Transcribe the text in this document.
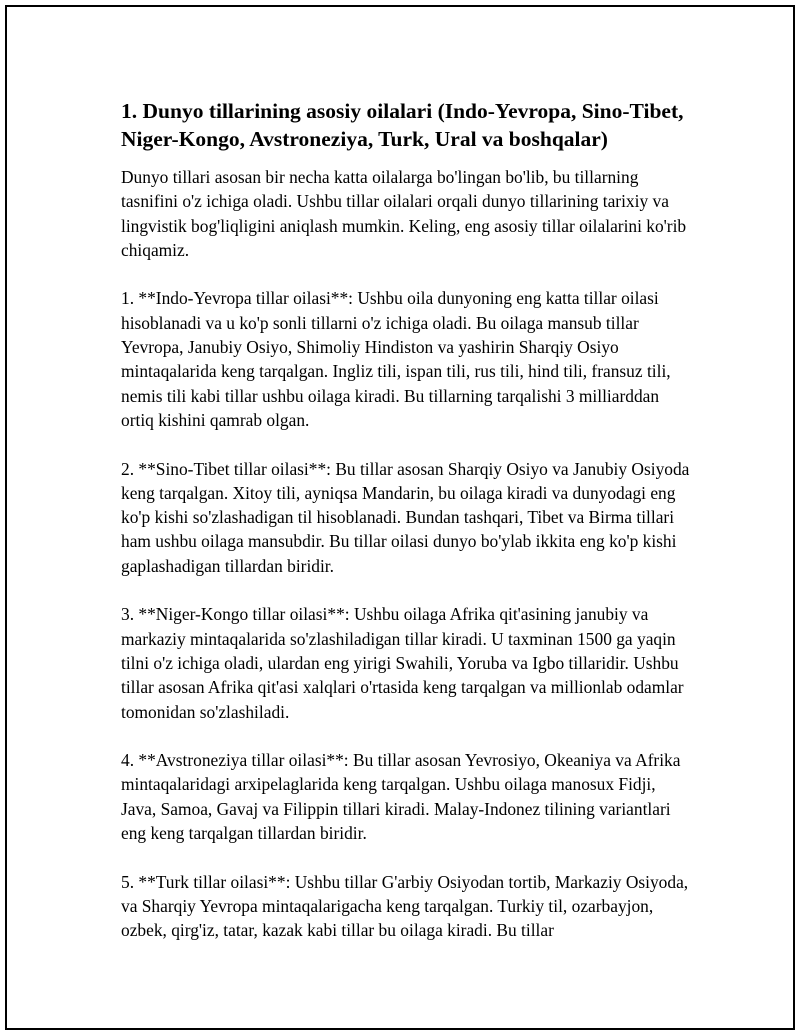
1. Dunyo tillarining asosiy oilalari (Indo-Yevropa, Sino-Tibet, Niger-Kongo, Avstroneziya, Turk, Ural va boshqalar)

Dunyo tillari asosan bir necha katta oilalarga bo'lingan bo'lib, bu tillarning tasnifini o'z ichiga oladi. Ushbu tillar oilalari orqali dunyo tillarining tarixiy va lingvistik bog'liqligini aniqlash mumkin. Keling, eng asosiy tillar oilalarini ko'rib chiqamiz.

1. **Indo-Yevropa tillar oilasi**: Ushbu oila dunyoning eng katta tillar oilasi hisoblanadi va u ko'p sonli tillarni o'z ichiga oladi. Bu oilaga mansub tillar Yevropa, Janubiy Osiyo, Shimoliy Hindiston va yashirin Sharqiy Osiyo mintaqalarida keng tarqalgan. Ingliz tili, ispan tili, rus tili, hind tili, fransuz tili, nemis tili kabi tillar ushbu oilaga kiradi. Bu tillarning tarqalishi 3 milliarddan ortiq kishini qamrab olgan.

2. **Sino-Tibet tillar oilasi**: Bu tillar asosan Sharqiy Osiyo va Janubiy Osiyoda keng tarqalgan. Xitoy tili, ayniqsa Mandarin, bu oilaga kiradi va dunyodagi eng ko'p kishi so'zlashadigan til hisoblanadi. Bundan tashqari, Tibet va Birma tillari ham ushbu oilaga mansubdir. Bu tillar oilasi dunyo bo'ylab ikkita eng ko'p kishi gaplashadigan tillardan biridir.

3. **Niger-Kongo tillar oilasi**: Ushbu oilaga Afrika qit'asining janubiy va markaziy mintaqalarida so'zlashiladigan tillar kiradi. U taxminan 1500 ga yaqin tilni o'z ichiga oladi, ulardan eng yirigi Swahili, Yoruba va Igbo tillaridir. Ushbu tillar asosan Afrika qit'asi xalqlari o'rtasida keng tarqalgan va millionlab odamlar tomonidan so'zlashiladi.

4. **Avstroneziya tillar oilasi**: Bu tillar asosan Yevrosiyo, Okeaniya va Afrika mintaqalaridagi arxipelaglarida keng tarqalgan. Ushbu oilaga manosux Fidji, Java, Samoa, Gavaj va Filippin tillari kiradi. Malay-Indonez tilining variantlari eng keng tarqalgan tillardan biridir.

5. **Turk tillar oilasi**: Ushbu tillar G'arbiy Osiyodan tortib, Markaziy Osiyoda, va Sharqiy Yevropa mintaqalarigacha keng tarqalgan. Turkiy til, ozarbayjon, ozbek, qirg'iz, tatar, kazak kabi tillar bu oilaga kiradi. Bu tillar
